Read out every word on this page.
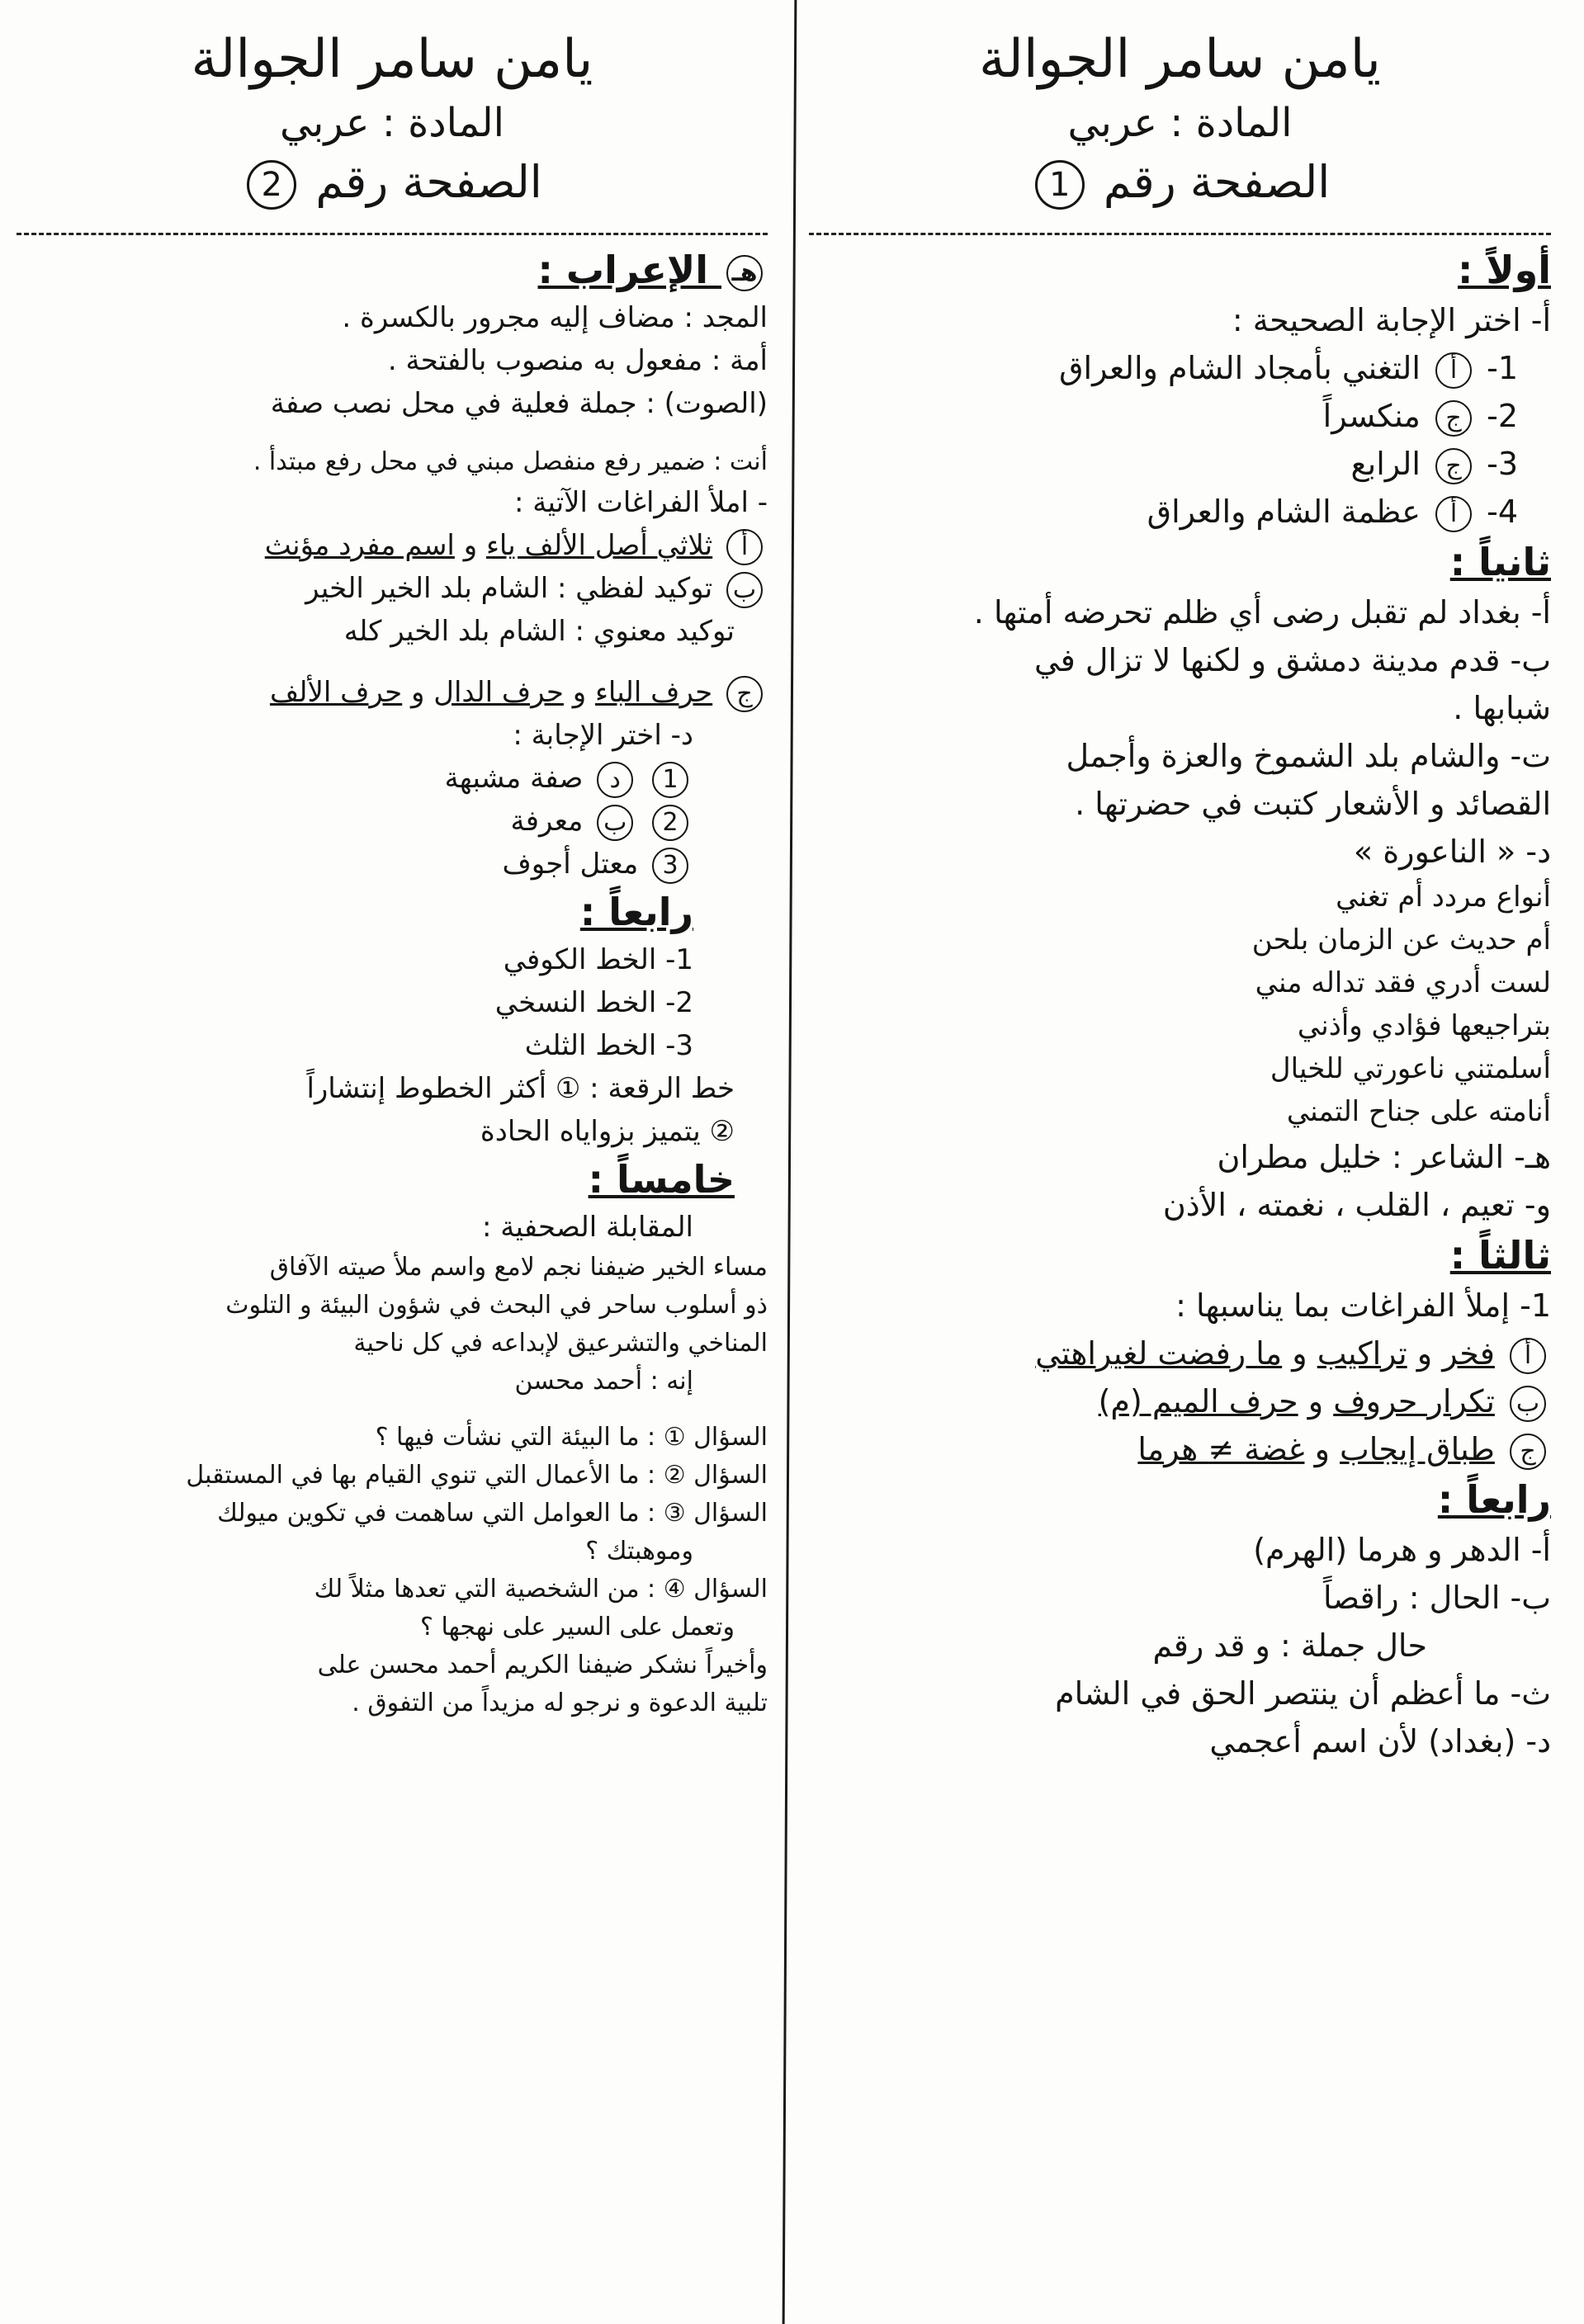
يامن سامر الجوالة
المادة : عربي
الصفحة رقم 1
أولاً :
أ- اختر الإجابة الصحيحة :
1- أ التغني بأمجاد الشام والعراق
2- ج منكسراً
3- ج الرابع
4- أ عظمة الشام والعراق
ثانياً :
أ- بغداد لم تقبل رضى أي ظلم تحرضه أمتها .
ب- قدم مدينة دمشق و لكنها لا تزال في
شبابها .
ت- والشام بلد الشموخ والعزة وأجمل
القصائد و الأشعار كتبت في حضرتها .
د- « الناعورة »
أنواع مردد أم تغني
أم حديث عن الزمان بلحن
لست أدري فقد تداله مني
بتراجيعها فؤادي وأذني
أسلمتني ناعورتي للخيال
أنامته على جناح التمني
هـ- الشاعر : خليل مطران
و- تعيم ، القلب ، نغمته ، الأذن
ثالثاً :
1- إملأ الفراغات بما يناسبها :
أ فخر و تراكيب و ما رفضت لغيراهتي
ب تكرار حروف و حرف الميم (م)
ج طباق إيجاب و غضة ≠ هرما
رابعاً :
أ- الدهر و هرما (الهرم)
ب- الحال : راقصاً
حال جملة : و قد رقم
ث- ما أعظم أن ينتصر الحق في الشام
د- (بغداد) لأن اسم أعجمي
يامن سامر الجوالة
المادة : عربي
الصفحة رقم 2
هـ الإعراب :
المجد : مضاف إليه مجرور بالكسرة .
أمة : مفعول به منصوب بالفتحة .
(الصوت) : جملة فعلية في محل نصب صفة
أنت : ضمير رفع منفصل مبني في محل رفع مبتدأ .
- املأ الفراغات الآتية :
أ ثلاثي أصل الألف ياء و اسم مفرد مؤنث
ب توكيد لفظي : الشام بلد الخير الخير
توكيد معنوي : الشام بلد الخير كله
ج حرف الباء و حرف الدال و حرف الألف
د- اختر الإجابة :
1 د صفة مشبهة
2 ب معرفة
3 معتل أجوف
رابعاً :
1- الخط الكوفي
2- الخط النسخي
3- الخط الثلث
خط الرقعة : ① أكثر الخطوط إنتشاراً
② يتميز بزواياه الحادة
خامساً :
المقابلة الصحفية :
مساء الخير ضيفنا نجم لامع واسم ملأ صيته الآفاق
ذو أسلوب ساحر في البحث في شؤون البيئة و التلوث
المناخي والتشرعيق لإبداعه في كل ناحية
إنه : أحمد محسن
السؤال ① : ما البيئة التي نشأت فيها ؟
السؤال ② : ما الأعمال التي تنوي القيام بها في المستقبل
السؤال ③ : ما العوامل التي ساهمت في تكوين ميولك
وموهبتك ؟
السؤال ④ : من الشخصية التي تعدها مثلاً لك
وتعمل على السير على نهجها ؟
وأخيراً نشكر ضيفنا الكريم أحمد محسن على
تلبية الدعوة و نرجو له مزيداً من التفوق .
